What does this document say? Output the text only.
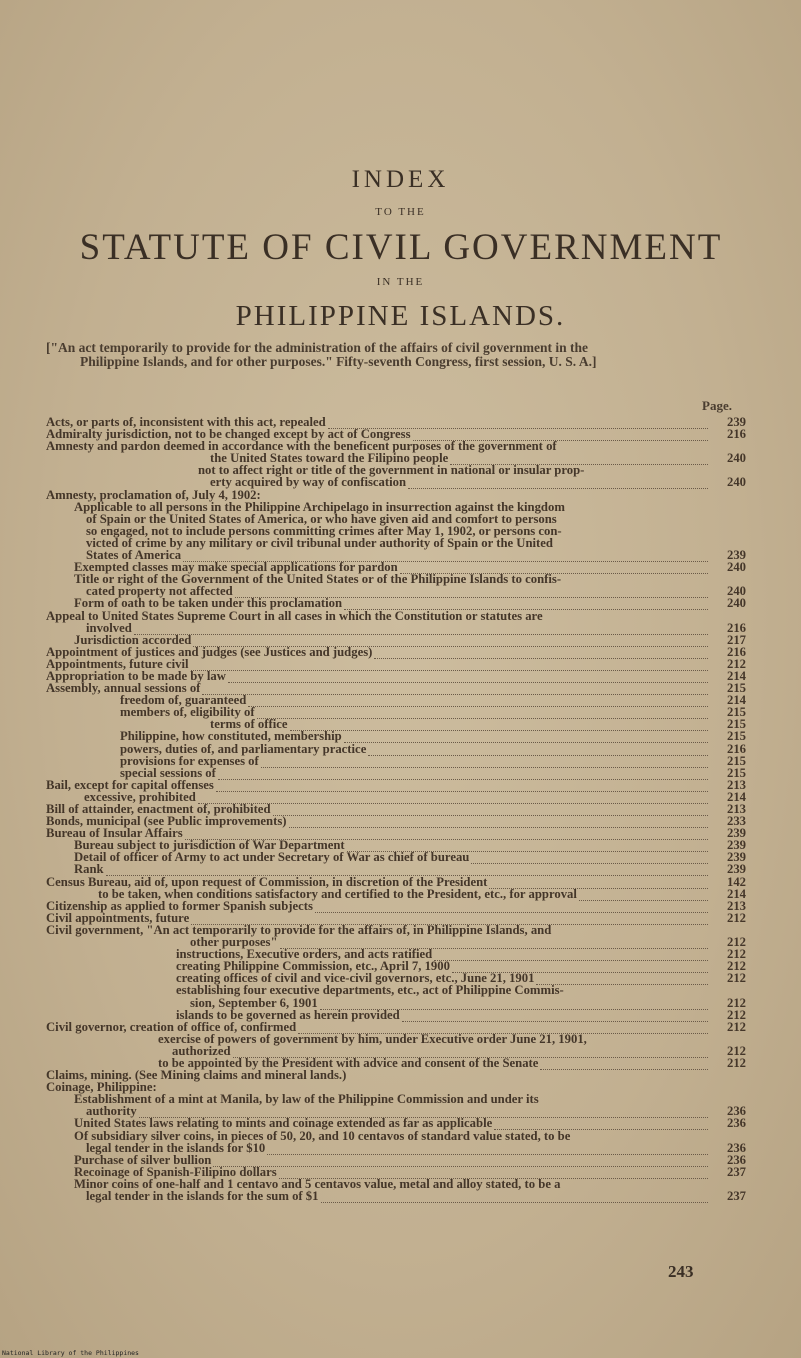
INDEX
TO THE
STATUTE OF CIVIL GOVERNMENT
IN THE
PHILIPPINE ISLANDS.
["An act temporarily to provide for the administration of the affairs of civil government in the
Philippine Islands, and for other purposes." Fifty-seventh Congress, first session, U. S. A.]
Page.
Acts, or parts of, inconsistent with this act, repealed	239
Admiralty jurisdiction, not to be changed except by act of Congress	216
Amnesty and pardon deemed in accordance with the beneficent purposes of the government of
the United States toward the Filipino people	240
not to affect right or title of the government in national or insular prop-
erty acquired by way of confiscation	240
Amnesty, proclamation of, July 4, 1902:
Applicable to all persons in the Philippine Archipelago in insurrection against the kingdom
of Spain or the United States of America, or who have given aid and comfort to persons
so engaged, not to include persons committing crimes after May 1, 1902, or persons con-
victed of crime by any military or civil tribunal under authority of Spain or the United
States of America	239
Exempted classes may make special applications for pardon	240
Title or right of the Government of the United States or of the Philippine Islands to confis-
cated property not affected	240
Form of oath to be taken under this proclamation	240
Appeal to United States Supreme Court in all cases in which the Constitution or statutes are
involved	216
Jurisdiction accorded	217
Appointment of justices and judges (see Justices and judges)	216
Appointments, future civil	212
Appropriation to be made by law	214
Assembly, annual sessions of	215
freedom of, guaranteed	214
members of, eligibility of	215
terms of office	215
Philippine, how constituted, membership	215
powers, duties of, and parliamentary practice	216
provisions for expenses of	215
special sessions of	215
Bail, except for capital offenses	213
excessive, prohibited	214
Bill of attainder, enactment of, prohibited	213
Bonds, municipal (see Public improvements)	233
Bureau of Insular Affairs	239
Bureau subject to jurisdiction of War Department	239
Detail of officer of Army to act under Secretary of War as chief of bureau	239
Rank	239
Census Bureau, aid of, upon request of Commission, in discretion of the President	142
to be taken, when conditions satisfactory and certified to the President, etc., for approval	214
Citizenship as applied to former Spanish subjects	213
Civil appointments, future	212
Civil government, "An act temporarily to provide for the affairs of, in Philippine Islands, and
other purposes"	212
instructions, Executive orders, and acts ratified	212
creating Philippine Commission, etc., April 7, 1900	212
creating offices of civil and vice-civil governors, etc., June 21, 1901	212
establishing four executive departments, etc., act of Philippine Commis-
sion, September 6, 1901	212
islands to be governed as herein provided	212
Civil governor, creation of office of, confirmed	212
exercise of powers of government by him, under Executive order June 21, 1901,
authorized	212
to be appointed by the President with advice and consent of the Senate	212
Claims, mining. (See Mining claims and mineral lands.)
Coinage, Philippine:
Establishment of a mint at Manila, by law of the Philippine Commission and under its
authority	236
United States laws relating to mints and coinage extended as far as applicable	236
Of subsidiary silver coins, in pieces of 50, 20, and 10 centavos of standard value stated, to be
legal tender in the islands for $10	236
Purchase of silver bullion	236
Recoinage of Spanish-Filipino dollars	237
Minor coins of one-half and 1 centavo and 5 centavos value, metal and alloy stated, to be a
legal tender in the islands for the sum of $1	237
243
National Library of the Philippines
